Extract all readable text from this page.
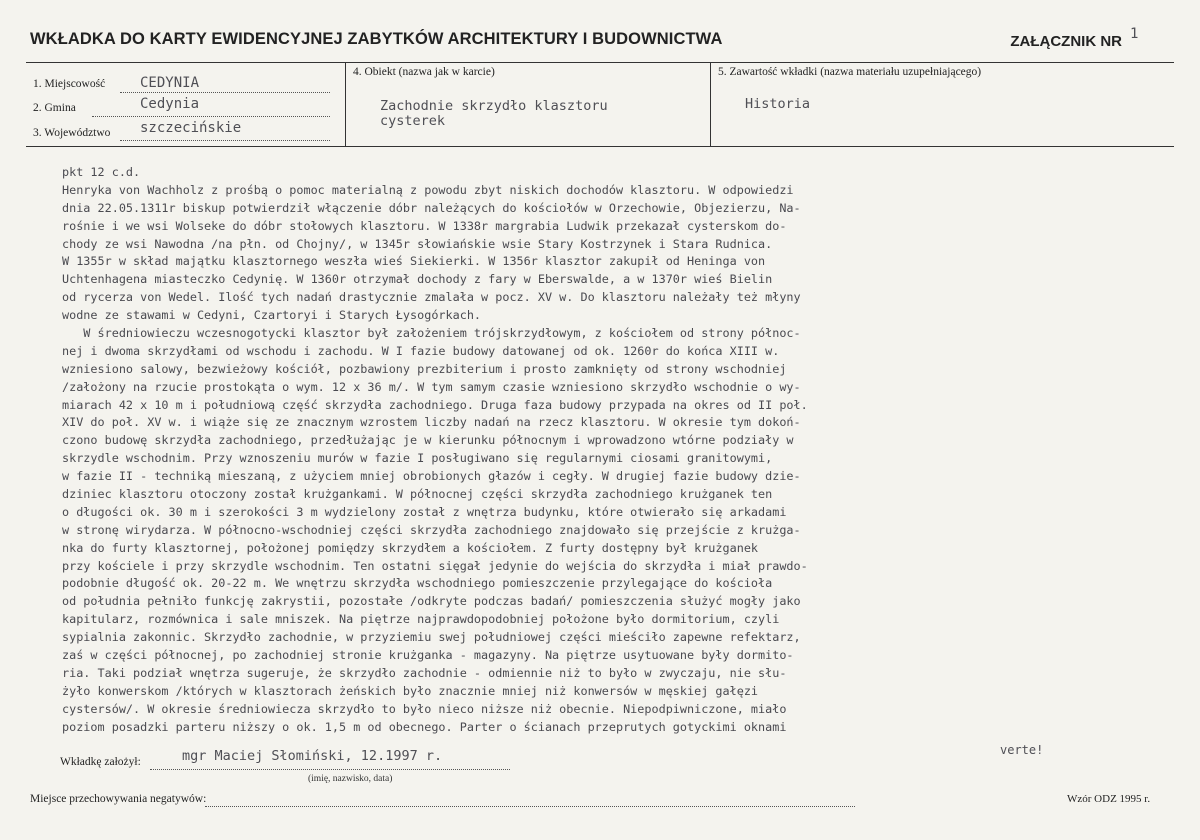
WKŁADKA DO KARTY EWIDENCYJNEJ ZABYTKÓW ARCHITEKTURY I BUDOWNICTWA	ZAŁĄCZNIK NR 1
1. Miejscowość CEDYNIA
2. Gmina	Cedynia
3. Województwo szczecińskie
4. Obiekt (nazwa jak w karcie)
Zachodnie skrzydło klasztoru
cysterek
5. Zawartość wkładki (nazwa materiału uzupełniającego)
Historia
pkt 12 c.d.
Henryka von Wachholz z prośbą o pomoc materialną z powodu zbyt niskich dochodów klasztoru. W odpowiedzi
dnia 22.05.1311r biskup potwierdził włączenie dóbr należących do kościołów w Orzechowie, Objezierzu, Na-
rośnie i we wsi Wolseke do dóbr stołowych klasztoru. W 1338r margrabia Ludwik przekazał cysterskom do-
chody ze wsi Nawodna /na płn. od Chojny/, w 1345r słowiańskie wsie Stary Kostrzynek i Stara Rudnica.
W 1355r w skład majątku klasztornego weszła wieś Siekierki. W 1356r klasztor zakupił od Heninga von
Uchtenhagena miasteczko Cedynię. W 1360r otrzymał dochody z fary w Eberswalde, a w 1370r wieś Bielin
od rycerza von Wedel. Ilość tych nadań drastycznie zmalała w pocz. XV w. Do klasztoru należały też młyny
wodne ze stawami w Cedyni, Czartoryi i Starych Łysogórkach.
W średniowieczu wczesnogotycki klasztor był założeniem trójskrzydłowym, z kościołem od strony północ-
nej i dwoma skrzydłami od wschodu i zachodu. W I fazie budowy datowanej od ok. 1260r do końca XIII w.
wzniesiono salowy, bezwieżowy kościół, pozbawiony prezbiterium i prosto zamknięty od strony wschodniej
/założony na rzucie prostokąta o wym. 12 x 36 m/. W tym samym czasie wzniesiono skrzydło wschodnie o wy-
miarach 42 x 10 m i południową część skrzydła zachodniego. Druga faza budowy przypada na okres od II poł.
XIV do poł. XV w. i wiąże się ze znacznym wzrostem liczby nadań na rzecz klasztoru. W okresie tym dokoń-
czono budowę skrzydła zachodniego, przedłużając je w kierunku północnym i wprowadzono wtórne podziały w
skrzydle wschodnim. Przy wznoszeniu murów w fazie I posługiwano się regularnymi ciosami granitowymi,
w fazie II - techniką mieszaną, z użyciem mniej obrobionych głazów i cegły. W drugiej fazie budowy dzie-
dziniec klasztoru otoczony został krużgankami. W północnej części skrzydła zachodniego krużganek ten
o długości ok. 30 m i szerokości 3 m wydzielony został z wnętrza budynku, które otwierało się arkadami
w stronę wirydarza. W północno-wschodniej części skrzydła zachodniego znajdowało się przejście z krużga-
nka do furty klasztornej, położonej pomiędzy skrzydłem a kościołem. Z furty dostępny był krużganek
przy kościele i przy skrzydle wschodnim. Ten ostatni sięgał jedynie do wejścia do skrzydła i miał prawdo-
podobnie długość ok. 20-22 m. We wnętrzu skrzydła wschodniego pomieszczenie przylegające do kościoła
od południa pełniło funkcję zakrystii, pozostałe /odkryte podczas badań/ pomieszczenia służyć mogły jako
kapitularz, rozmównica i sale mniszek. Na piętrze najprawdopodobniej położone było dormitorium, czyli
sypialnia zakonnic. Skrzydło zachodnie, w przyziemiu swej południowej części mieściło zapewne refektarz,
zaś w części północnej, po zachodniej stronie krużganka - magazyny. Na piętrze usytuowane były dormito-
ria. Taki podział wnętrza sugeruje, że skrzydło zachodnie - odmiennie niż to było w zwyczaju, nie słu-
żyło konwerskom /których w klasztorach żeńskich było znacznie mniej niż konwersów w męskiej gałęzi
cystersów/. W okresie średniowiecza skrzydło to było nieco niższe niż obecnie. Niepodpiwniczone, miało
poziom posadzki parteru niższy o ok. 1,5 m od obecnego. Parter o ścianach przeprutych gotyckimi oknami
Wkładkę założył:	mgr Maciej Słomiński, 12.1997 r.
(imię, nazwisko, data)
verte!
Miejsce przechowywania negatywów:	Wzór ODZ 1995 r.
